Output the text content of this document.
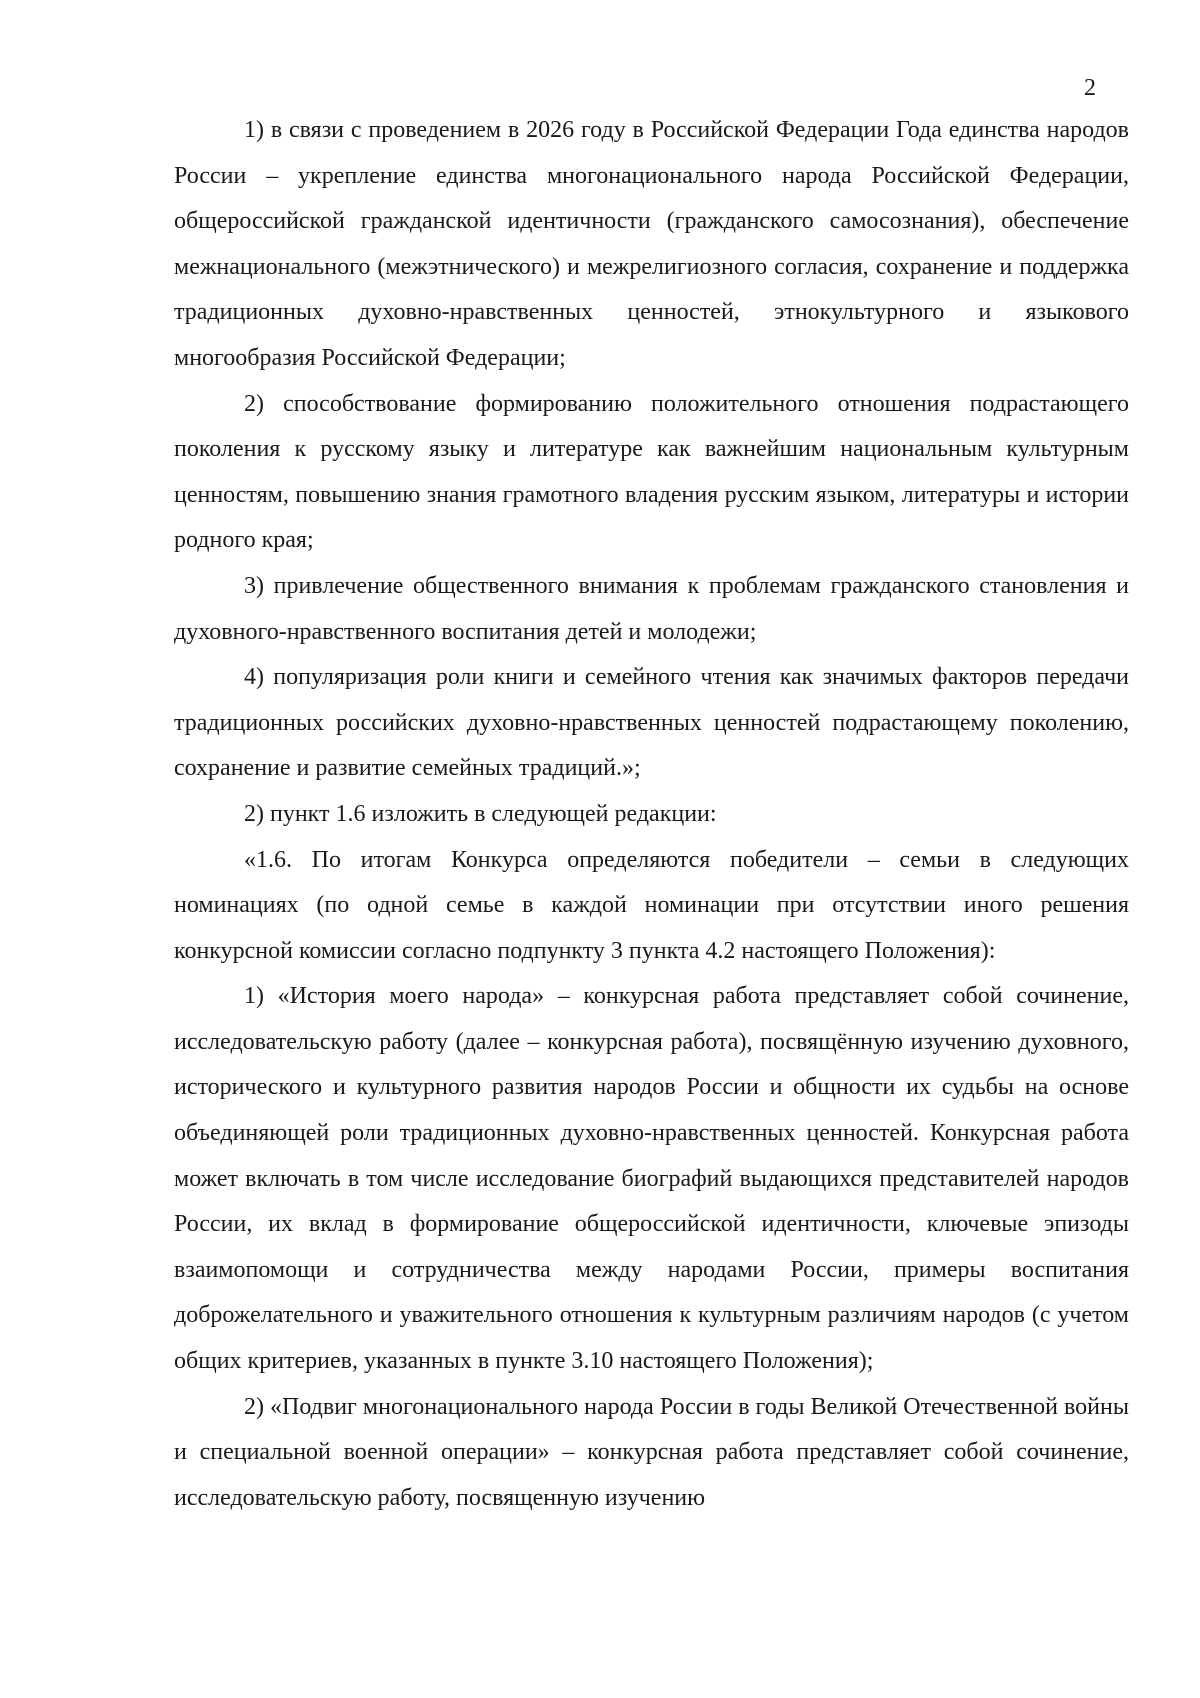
2

1) в связи с проведением в 2026 году в Российской Федерации Года единства народов России – укрепление единства многонационального народа Российской Федерации, общероссийской гражданской идентичности (гражданского самосознания), обеспечение межнационального (межэтнического) и межрелигиозного согласия, сохранение и поддержка традиционных духовно-нравственных ценностей, этнокультурного и языкового многообразия Российской Федерации;

2) способствование формированию положительного отношения подрастающего поколения к русскому языку и литературе как важнейшим национальным культурным ценностям, повышению знания грамотного владения русским языком, литературы и истории родного края;

3) привлечение общественного внимания к проблемам гражданского становления и духовного-нравственного воспитания детей и молодежи;

4) популяризация роли книги и семейного чтения как значимых факторов передачи традиционных российских духовно-нравственных ценностей подрастающему поколению, сохранение и развитие семейных традиций.»;

2) пункт 1.6 изложить в следующей редакции:

«1.6. По итогам Конкурса определяются победители – семьи в следующих номинациях (по одной семье в каждой номинации при отсутствии иного решения конкурсной комиссии согласно подпункту 3 пункта 4.2 настоящего Положения):

1) «История моего народа» – конкурсная работа представляет собой сочинение, исследовательскую работу (далее – конкурсная работа), посвящённую изучению духовного, исторического и культурного развития народов России и общности их судьбы на основе объединяющей роли традиционных духовно-нравственных ценностей. Конкурсная работа может включать в том числе исследование биографий выдающихся представителей народов России, их вклад в формирование общероссийской идентичности, ключевые эпизоды взаимопомощи и сотрудничества между народами России, примеры воспитания доброжелательного и уважительного отношения к культурным различиям народов (с учетом общих критериев, указанных в пункте 3.10 настоящего Положения);

2) «Подвиг многонационального народа России в годы Великой Отечественной войны и специальной военной операции» – конкурсная работа представляет собой сочинение, исследовательскую работу, посвященную изучению
